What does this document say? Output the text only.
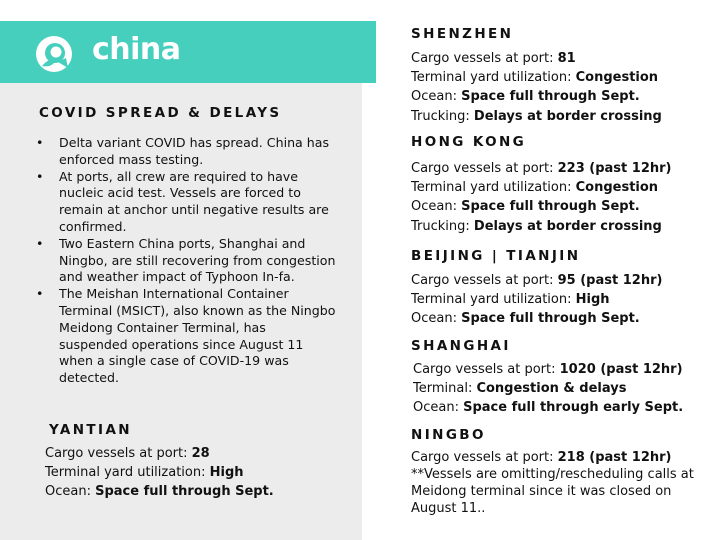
china
COVID SPREAD & DELAYS
• Delta variant COVID has spread. China has enforced mass testing.
• At ports, all crew are required to have nucleic acid test. Vessels are forced to remain at anchor until negative results are confirmed.
• Two Eastern China ports, Shanghai and Ningbo, are still recovering from congestion and weather impact of Typhoon In-fa.
• The Meishan International Container Terminal (MSICT), also known as the Ningbo Meidong Container Terminal, has suspended operations since August 11 when a single case of COVID-19 was detected.
YANTIAN
Cargo vessels at port: 28
Terminal yard utilization: High
Ocean: Space full through Sept.
SHENZHEN
Cargo vessels at port: 81
Terminal yard utilization: Congestion
Ocean: Space full through Sept.
Trucking: Delays at border crossing
HONG KONG
Cargo vessels at port: 223 (past 12hr)
Terminal yard utilization: Congestion
Ocean: Space full through Sept.
Trucking: Delays at border crossing
BEIJING | TIANJIN
Cargo vessels at port: 95 (past 12hr)
Terminal yard utilization: High
Ocean: Space full through Sept.
SHANGHAI
Cargo vessels at port: 1020 (past 12hr)
Terminal: Congestion & delays
Ocean: Space full through early Sept.
NINGBO
Cargo vessels at port: 218 (past 12hr)
**Vessels are omitting/rescheduling calls at Meidong terminal since it was closed on August 11..
